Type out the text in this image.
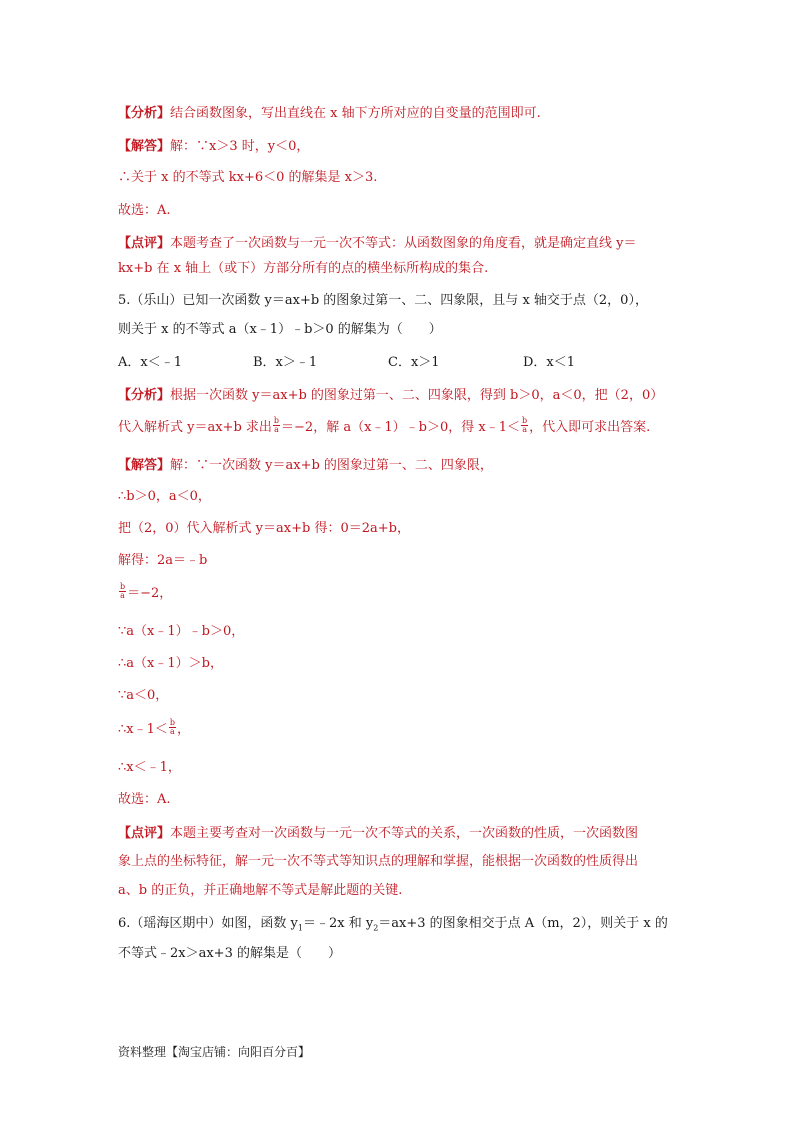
【分析】结合函数图象，写出直线在 x 轴下方所对应的自变量的范围即可.
【解答】解：∵x＞3 时，y＜0，
∴关于 x 的不等式 kx+6＜0 的解集是 x＞3.
故选：A.
【点评】本题考查了一次函数与一元一次不等式：从函数图象的角度看，就是确定直线 y＝
kx+b 在 x 轴上（或下）方部分所有的点的横坐标所构成的集合.
5.（乐山）已知一次函数 y＝ax+b 的图象过第一、二、四象限，且与 x 轴交于点（2，0），
则关于 x 的不等式 a（x﹣1）﹣b＞0 的解集为（　　）
A．x＜﹣1	B．x＞﹣1	C．x＞1	D．x＜1
【分析】根据一次函数 y＝ax+b 的图象过第一、二、四象限，得到 b＞0，a＜0，把（2，0）
代入解析式 y＝ax+b 求出 $\frac{b}{a} =-2$，解 a（x﹣1）﹣b＞0，得 x﹣1＜ $\frac{b}{a}$ ，代入即可求出答案.
【解答】解：∵一次函数 y＝ax+b 的图象过第一、二、四象限，
∴b＞0，a＜0，
把（2，0）代入解析式 y＝ax+b 得：0＝2a+b，
解得：2a＝﹣b
$\frac{b}{a} =-2$，
∵a（x﹣1）﹣b＞0，
∴a（x﹣1）＞b，
∵a＜0，
∴x﹣1＜ $\frac{b}{a}$ ，
∴x＜﹣1，
故选：A.
【点评】本题主要考查对一次函数与一元一次不等式的关系，一次函数的性质，一次函数图
象上点的坐标特征，解一元一次不等式等知识点的理解和掌握，能根据一次函数的性质得出
a、b 的正负，并正确地解不等式是解此题的关键.
6.（瑶海区期中）如图，函数 $y_1=﹣2x$ 和 $y_2=ax+3$ 的图象相交于点 A（m，2），则关于 x 的
不等式﹣2x＞ax+3 的解集是（　　）
资料整理【淘宝店铺：向阳百分百】
